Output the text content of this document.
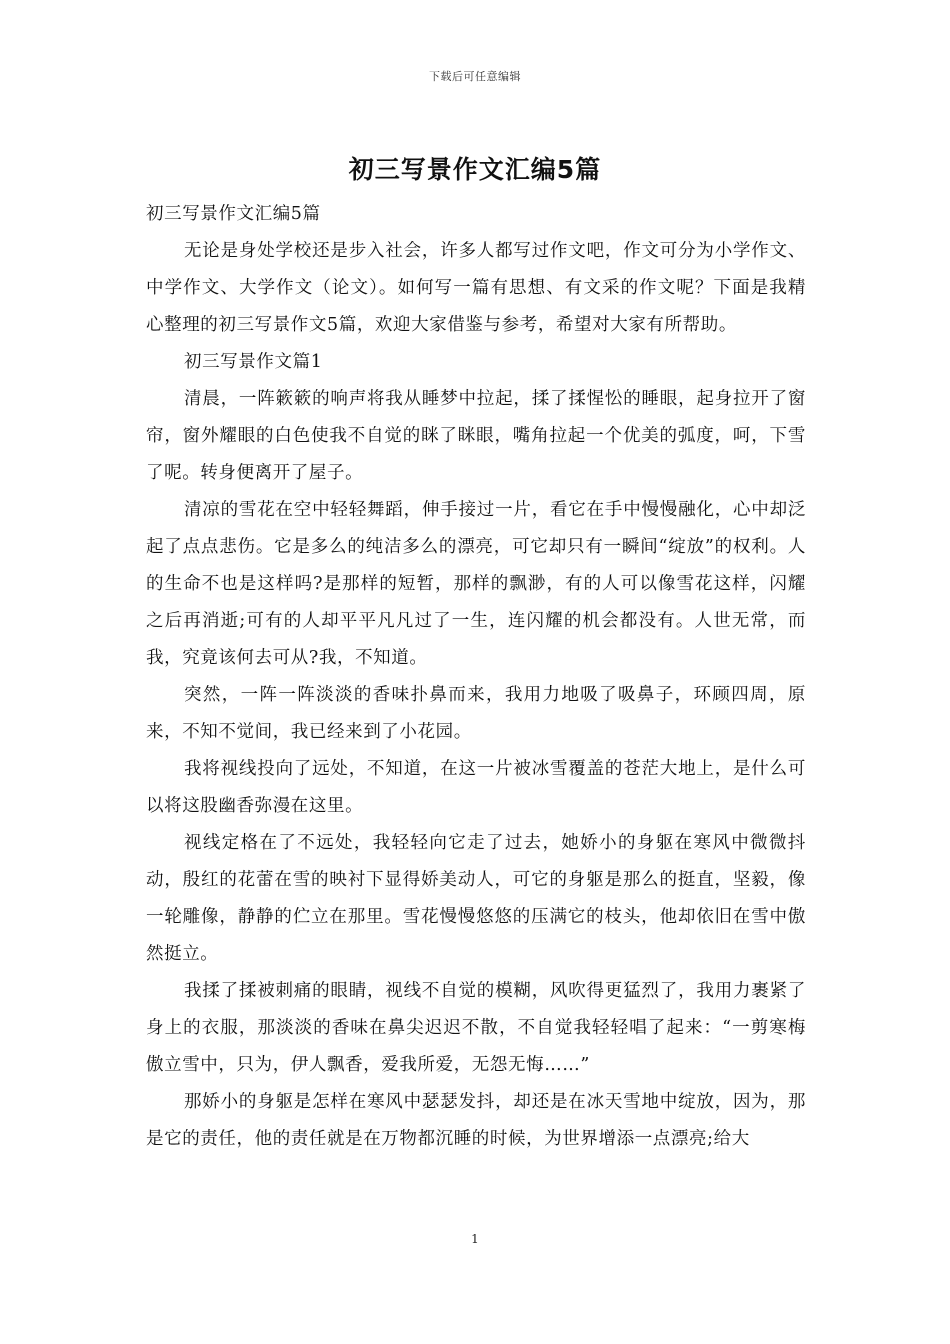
下载后可任意编辑
初三写景作文汇编5篇

初三写景作文汇编5篇

无论是身处学校还是步入社会，许多人都写过作文吧，作文可分为小学作文、中学作文、大学作文（论文）。如何写一篇有思想、有文采的作文呢？下面是我精心整理的初三写景作文5篇，欢迎大家借鉴与参考，希望对大家有所帮助。

初三写景作文篇1

清晨，一阵簌簌的响声将我从睡梦中拉起，揉了揉惺忪的睡眼，起身拉开了窗帘，窗外耀眼的白色使我不自觉的眯了眯眼，嘴角拉起一个优美的弧度，呵，下雪了呢。转身便离开了屋子。

清凉的雪花在空中轻轻舞蹈，伸手接过一片，看它在手中慢慢融化，心中却泛起了点点悲伤。它是多么的纯洁多么的漂亮，可它却只有一瞬间“绽放”的权利。人的生命不也是这样吗?是那样的短暂，那样的飘渺，有的人可以像雪花这样，闪耀之后再消逝;可有的人却平平凡凡过了一生，连闪耀的机会都没有。人世无常，而我，究竟该何去可从?我，不知道。

突然，一阵一阵淡淡的香味扑鼻而来，我用力地吸了吸鼻子，环顾四周，原来，不知不觉间，我已经来到了小花园。

我将视线投向了远处，不知道，在这一片被冰雪覆盖的苍茫大地上，是什么可以将这股幽香弥漫在这里。

视线定格在了不远处，我轻轻向它走了过去，她娇小的身躯在寒风中微微抖动，殷红的花蕾在雪的映衬下显得娇美动人，可它的身躯是那么的挺直，坚毅，像一轮雕像，静静的伫立在那里。雪花慢慢悠悠的压满它的枝头，他却依旧在雪中傲然挺立。

我揉了揉被刺痛的眼睛，视线不自觉的模糊，风吹得更猛烈了，我用力裹紧了身上的衣服，那淡淡的香味在鼻尖迟迟不散，不自觉我轻轻唱了起来：“一剪寒梅傲立雪中，只为，伊人飘香，爱我所爱，无怨无悔……”

那娇小的身躯是怎样在寒风中瑟瑟发抖，却还是在冰天雪地中绽放，因为，那是它的责任，他的责任就是在万物都沉睡的时候，为世界增添一点漂亮;给大

1
